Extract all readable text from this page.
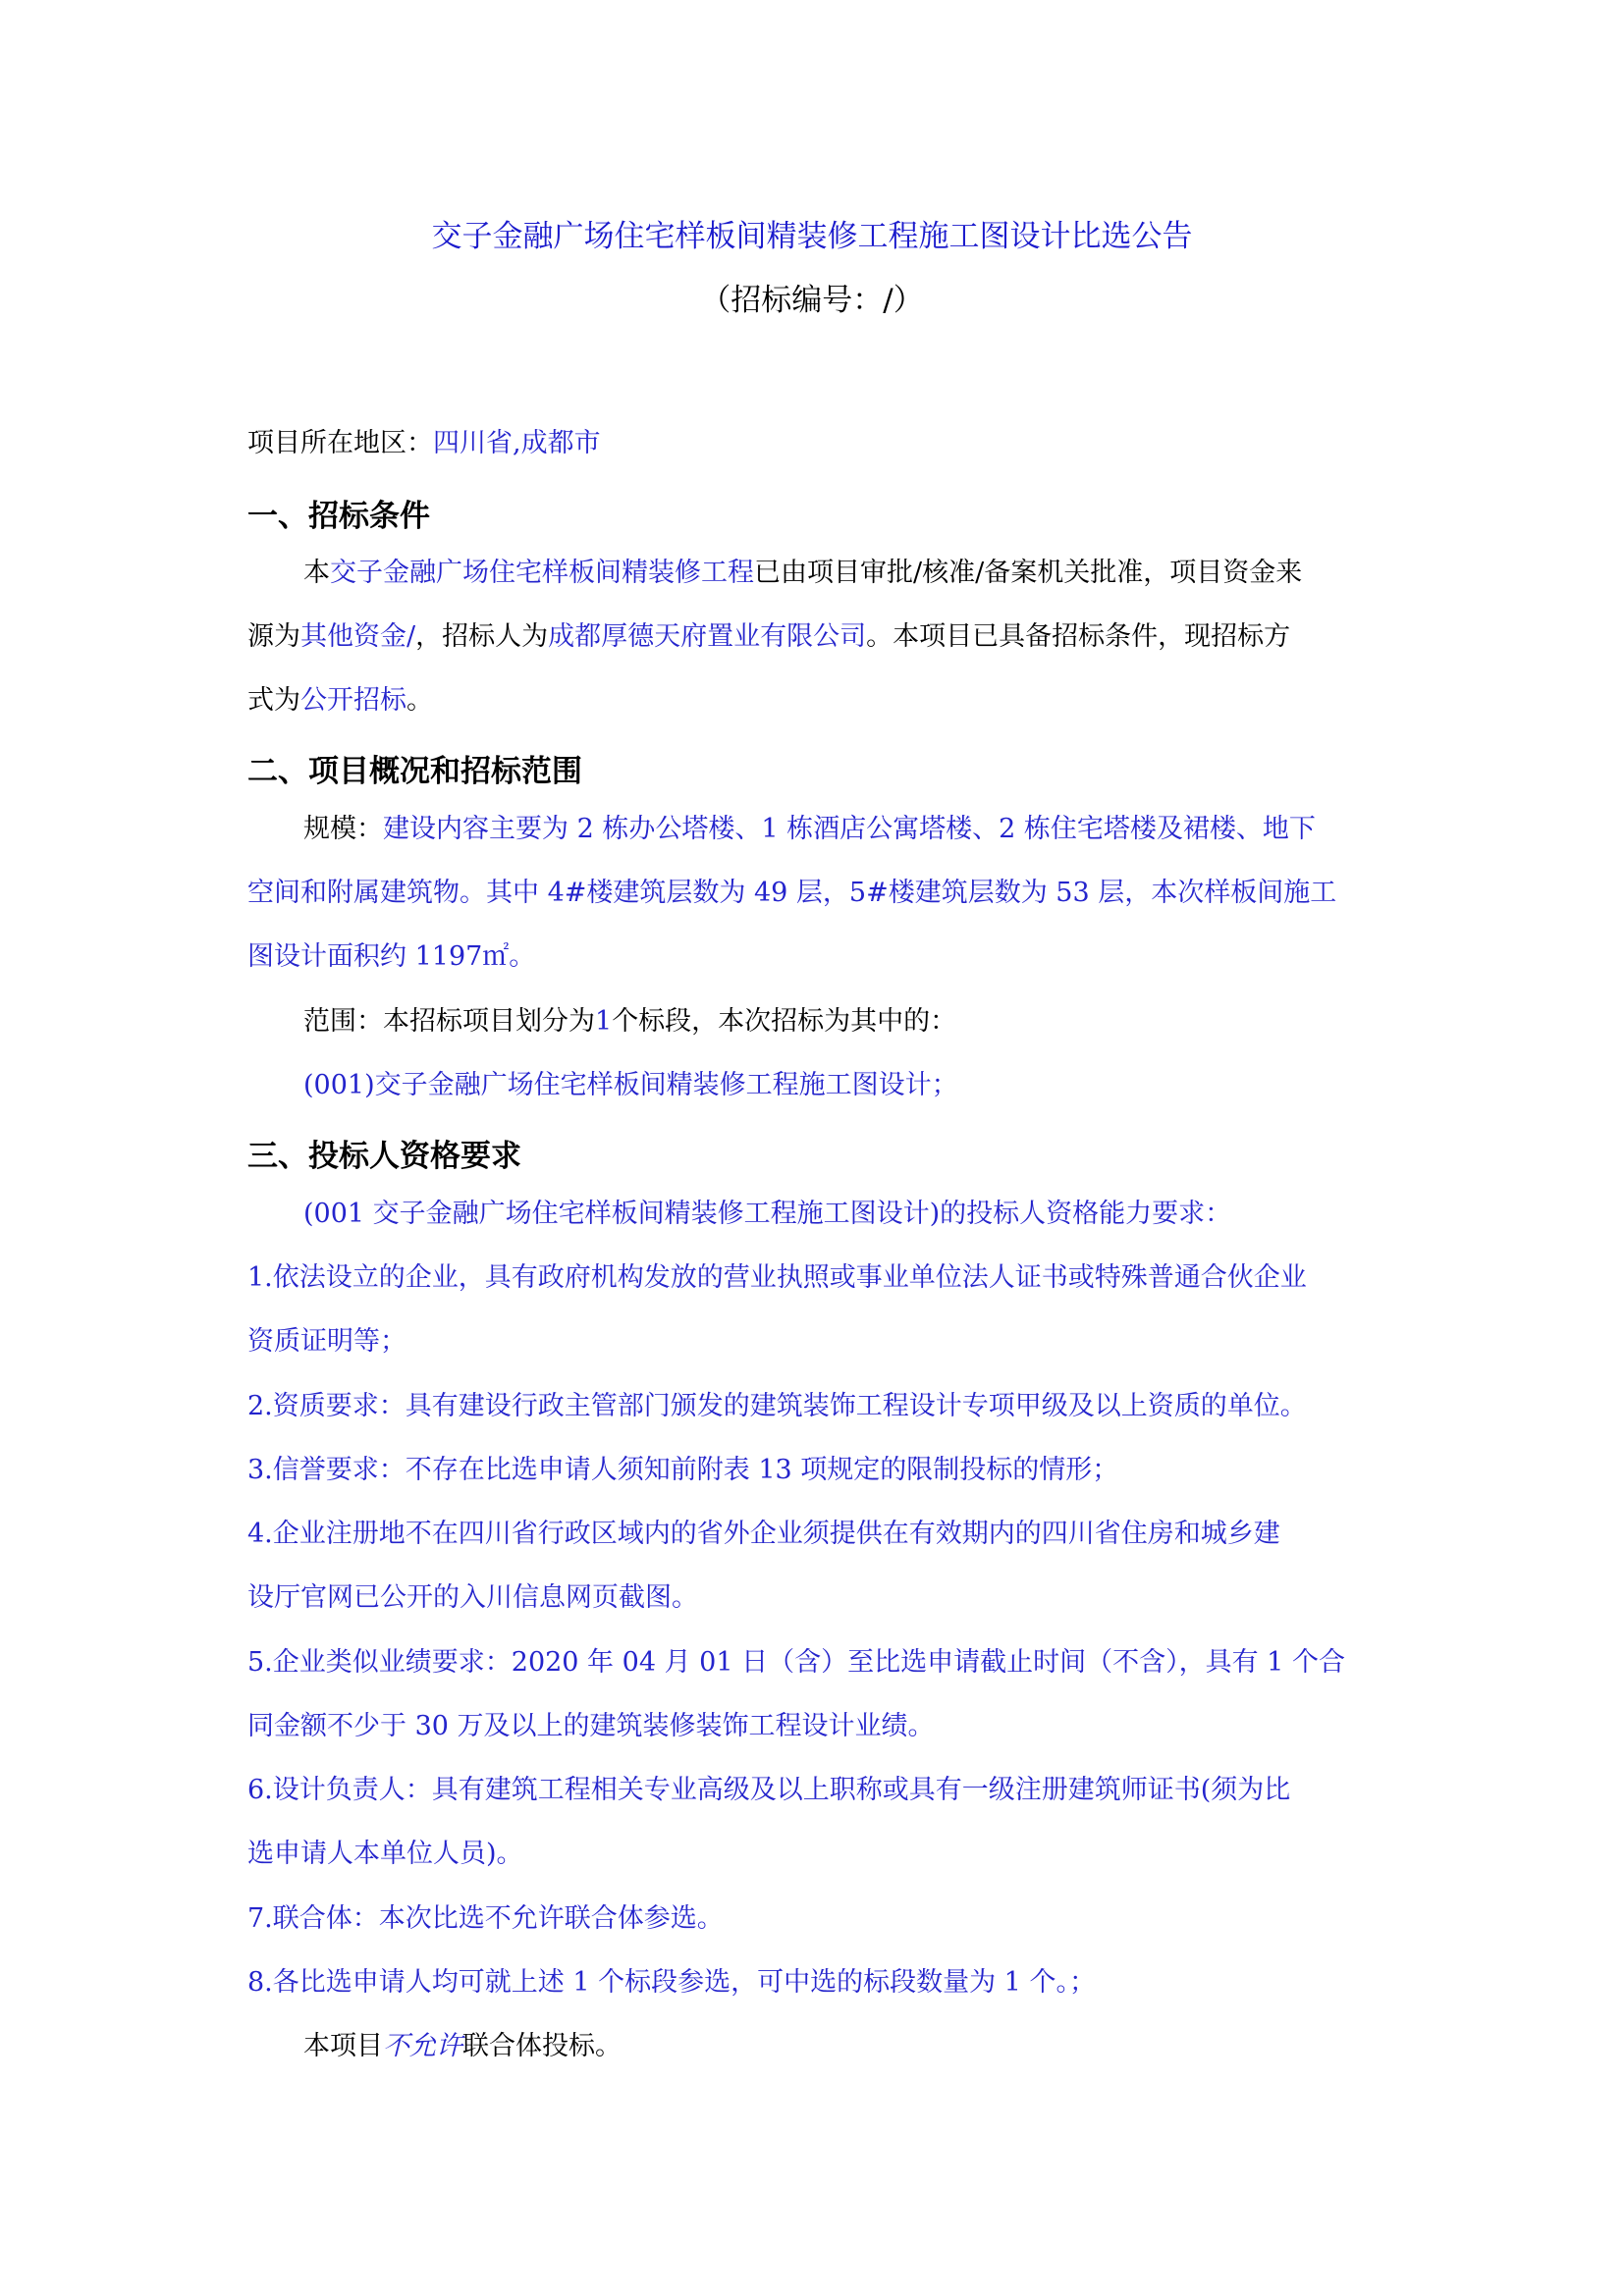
交子金融广场住宅样板间精装修工程施工图设计比选公告
（招标编号：/）
项目所在地区：四川省,成都市
一、招标条件
本交子金融广场住宅样板间精装修工程已由项目审批/核准/备案机关批准，项目资金来
源为其他资金/，招标人为成都厚德天府置业有限公司。本项目已具备招标条件，现招标方
式为公开招标。
二、项目概况和招标范围
规模：建设内容主要为 2 栋办公塔楼、1 栋酒店公寓塔楼、2 栋住宅塔楼及裙楼、地下
空间和附属建筑物。其中 4#楼建筑层数为 49 层，5#楼建筑层数为 53 层，本次样板间施工
图设计面积约 1197㎡。
范围：本招标项目划分为1个标段，本次招标为其中的：
(001)交子金融广场住宅样板间精装修工程施工图设计；
三、投标人资格要求
(001 交子金融广场住宅样板间精装修工程施工图设计)的投标人资格能力要求：
1.依法设立的企业，具有政府机构发放的营业执照或事业单位法人证书或特殊普通合伙企业
资质证明等；
2.资质要求：具有建设行政主管部门颁发的建筑装饰工程设计专项甲级及以上资质的单位。
3.信誉要求：不存在比选申请人须知前附表 13 项规定的限制投标的情形；
4.企业注册地不在四川省行政区域内的省外企业须提供在有效期内的四川省住房和城乡建
设厅官网已公开的入川信息网页截图。
5.企业类似业绩要求：2020 年 04 月 01 日（含）至比选申请截止时间（不含），具有 1 个合
同金额不少于 30 万及以上的建筑装修装饰工程设计业绩。
6.设计负责人：具有建筑工程相关专业高级及以上职称或具有一级注册建筑师证书(须为比
选申请人本单位人员)。
7.联合体：本次比选不允许联合体参选。
8.各比选申请人均可就上述 1 个标段参选，可中选的标段数量为 1 个。；
本项目不允许联合体投标。
